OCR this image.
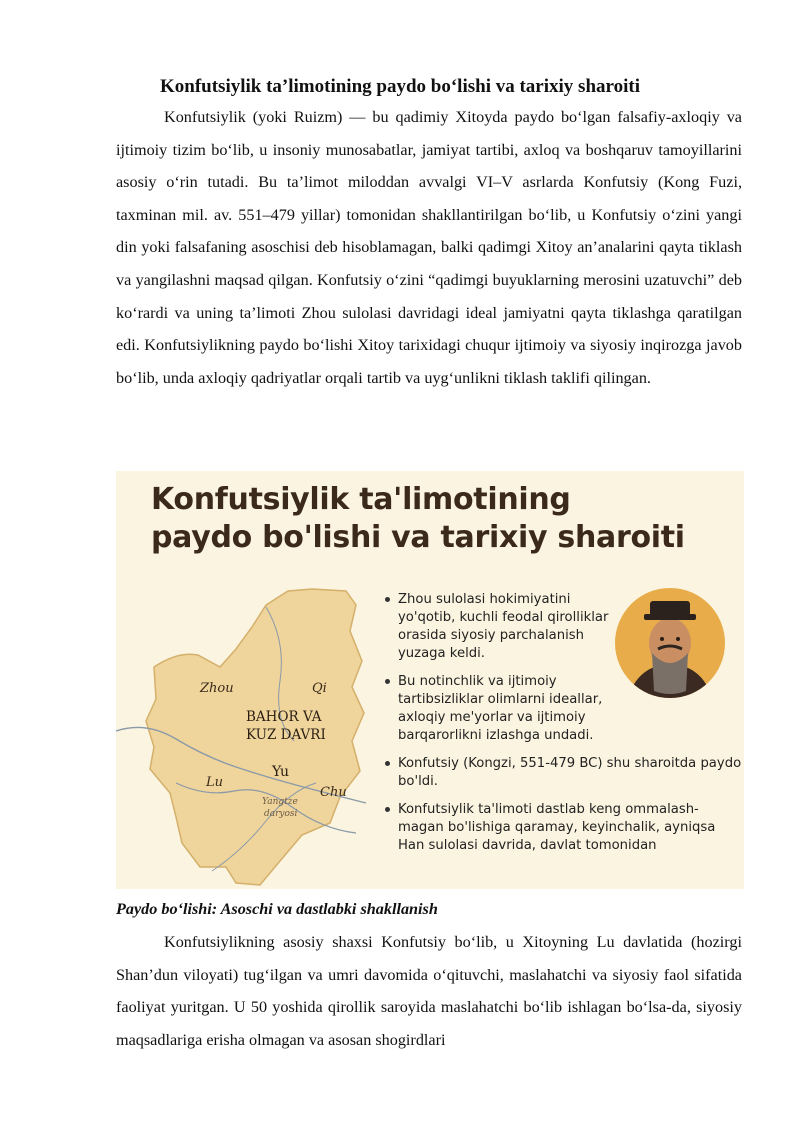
Konfutsiylik ta’limotining paydo bo‘lishi va tarixiy sharoiti

Konfutsiylik (yoki Ruizm) — bu qadimiy Xitoyda paydo bo‘lgan falsafiy-axloqiy va ijtimoiy tizim bo‘lib, u insoniy munosabatlar, jamiyat tartibi, axloq va boshqaruv tamoyillarini asosiy o‘rin tutadi. Bu ta’limot miloddan avvalgi VI–V asrlarda Konfutsiy (Kong Fuzi, taxminan mil. av. 551–479 yillar) tomonidan shakllantirilgan bo‘lib, u Konfutsiy o‘zini yangi din yoki falsafaning asoschisi deb hisoblamagan, balki qadimgi Xitoy an’analarini qayta tiklash va yangilashni maqsad qilgan. Konfutsiy o‘zini “qadimgi buyuklarning merosini uzatuvchi” deb ko‘rardi va uning ta’limoti Zhou sulolasi davridagi ideal jamiyatni qayta tiklashga qaratilgan edi. Konfutsiylikning paydo bo‘lishi Xitoy tarixidagi chuqur ijtimoiy va siyosiy inqirozga javob bo‘lib, unda axloqiy qadriyatlar orqali tartib va uyg‘unlikni tiklash taklifi qilingan.

Konfutsiylik ta'limotining
paydo bo'lishi va tarixiy sharoiti
Zhou	Qi
BAHOR VA
KUZ DAVRI
Yu
Lu
Chu
Yangtze
daryosi
Zhou sulolasi hokimiyatini yo'qotib, kuchli feodal qirolliklar orasida siyosiy parchalanish yuzaga keldi.
Bu notinchlik va ijtimoiy tartibsizliklar olimlarni ideallar, axloqiy me'yorlar va ijtimoiy barqarorlikni izlashga undadi.
Konfutsiy (Kongzi, 551-479 BC) shu sharoitda paydo bo'ldi.
Konfutsiylik ta'limoti dastlab keng ommalash-magan bo'lishiga qaramay, keyinchalik, ayniqsa Han sulolasi davrida, davlat tomonidan
Paydo bo‘lishi: Asoschi va dastlabki shakllanish

Konfutsiylikning asosiy shaxsi Konfutsiy bo‘lib, u Xitoyning Lu davlatida (hozirgi Shan’dun viloyati) tug‘ilgan va umri davomida o‘qituvchi, maslahatchi va siyosiy faol sifatida faoliyat yuritgan. U 50 yoshida qirollik saroyida maslahatchi bo‘lib ishlagan bo‘lsa-da, siyosiy maqsadlariga erisha olmagan va asosan shogirdlari
